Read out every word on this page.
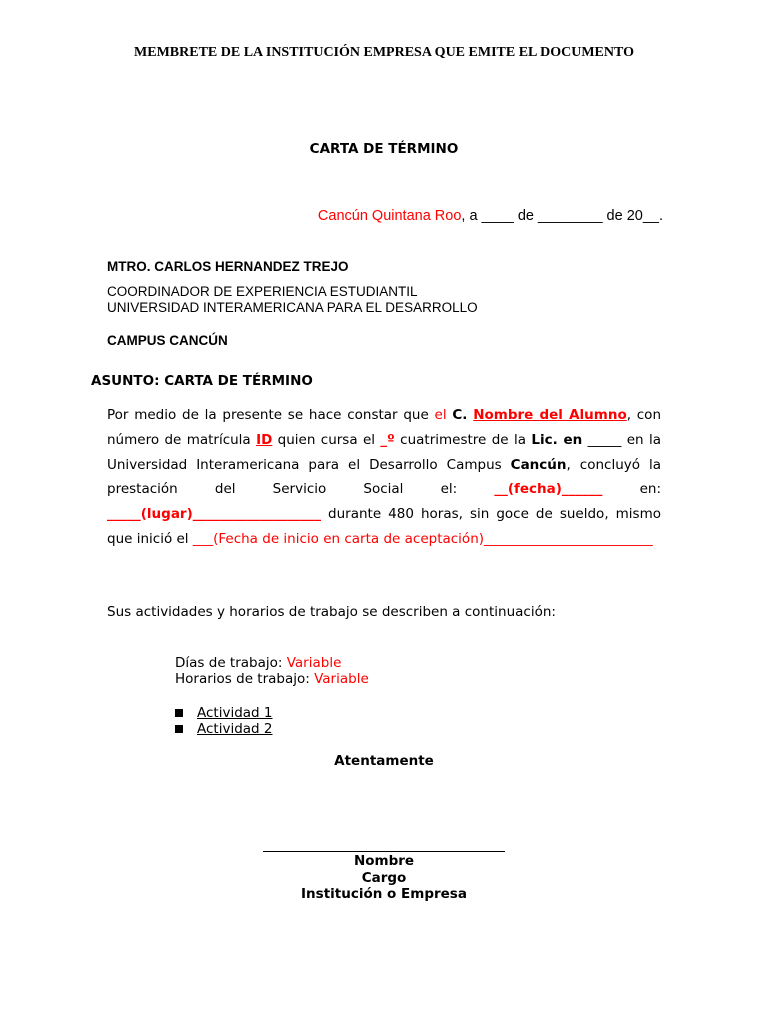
MEMBRETE DE LA INSTITUCIÓN EMPRESA QUE EMITE EL DOCUMENTO
CARTA DE TÉRMINO
Cancún Quintana Roo, a ____ de ________ de 20__.
MTRO. CARLOS HERNANDEZ TREJO
COORDINADOR DE EXPERIENCIA ESTUDIANTIL
UNIVERSIDAD INTERAMERICANA PARA EL DESARROLLO
CAMPUS CANCÚN
ASUNTO: CARTA DE TÉRMINO
Por medio de la presente se hace constar que el C. Nombre del Alumno, con número de matrícula ID quien cursa el _º cuatrimestre de la Lic. en _____ en la Universidad Interamericana para el Desarrollo Campus Cancún, concluyó la prestación del Servicio Social el: __(fecha)______ en: _____(lugar)___________________ durante 480 horas, sin goce de sueldo, mismo que inició el ___(Fecha de inicio en carta de aceptación)_________________________
Sus actividades y horarios de trabajo se describen a continuación:
Días de trabajo: Variable
Horarios de trabajo: Variable
Actividad 1
Actividad 2
Atentamente
Nombre
Cargo
Institución o Empresa
